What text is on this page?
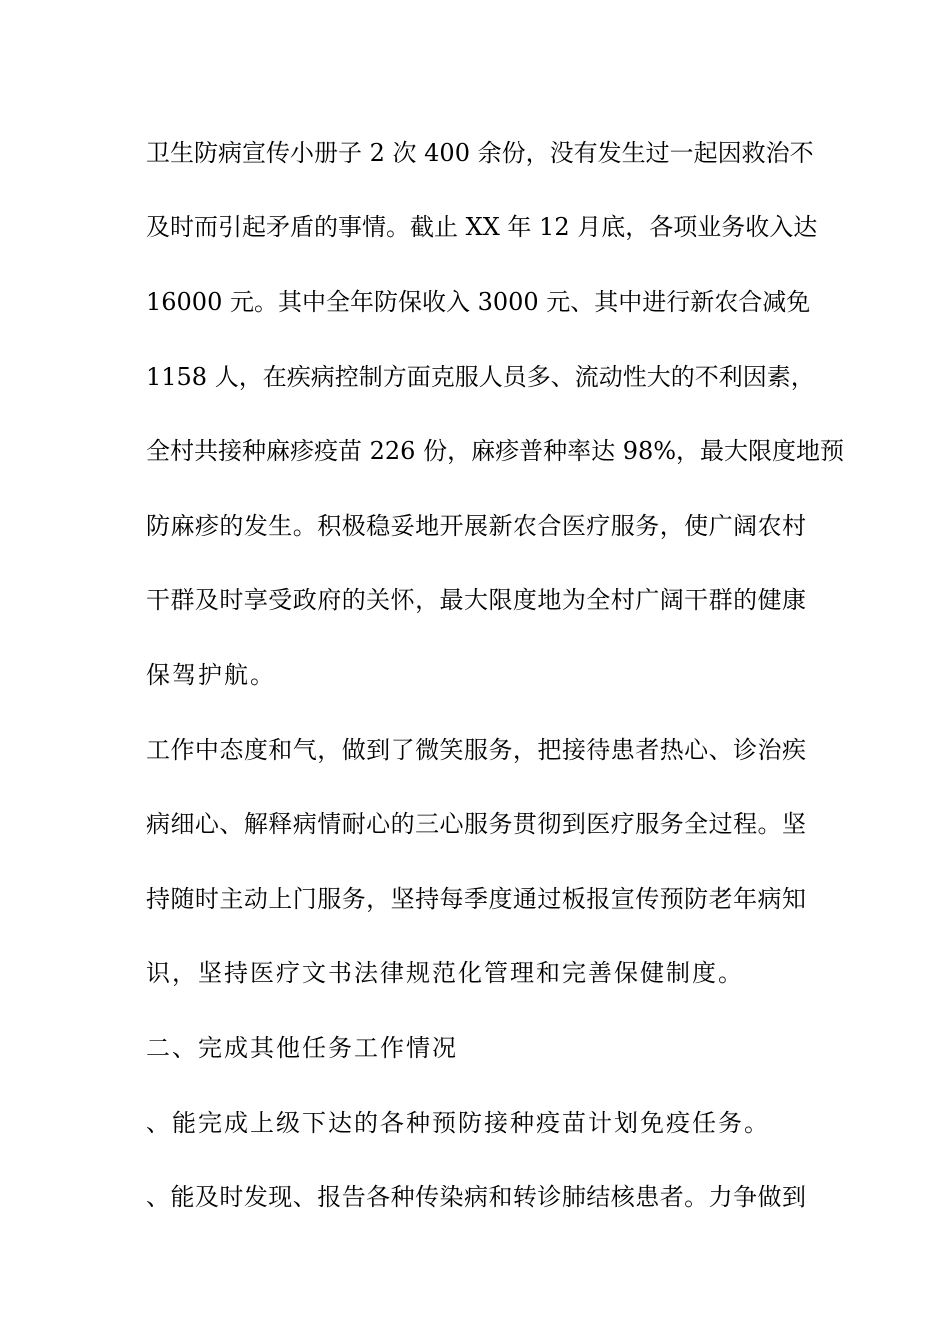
卫生防病宣传小册子 2 次 400 余份，没有发生过一起因救治不

及时而引起矛盾的事情。截止 XX 年 12 月底，各项业务收入达

16000 元。其中全年防保收入 3000 元、其中进行新农合减免

1158 人，在疾病控制方面克服人员多、流动性大的不利因素，

全村共接种麻疹疫苗 226 份，麻疹普种率达 98%，最大限度地预

防麻疹的发生。积极稳妥地开展新农合医疗服务，使广阔农村

干群及时享受政府的关怀，最大限度地为全村广阔干群的健康

保驾护航。

工作中态度和气，做到了微笑服务，把接待患者热心、诊治疾

病细心、解释病情耐心的三心服务贯彻到医疗服务全过程。坚

持随时主动上门服务，坚持每季度通过板报宣传预防老年病知

识，坚持医疗文书法律规范化管理和完善保健制度。

二、完成其他任务工作情况

、能完成上级下达的各种预防接种疫苗计划免疫任务。

、能及时发现、报告各种传染病和转诊肺结核患者。力争做到
